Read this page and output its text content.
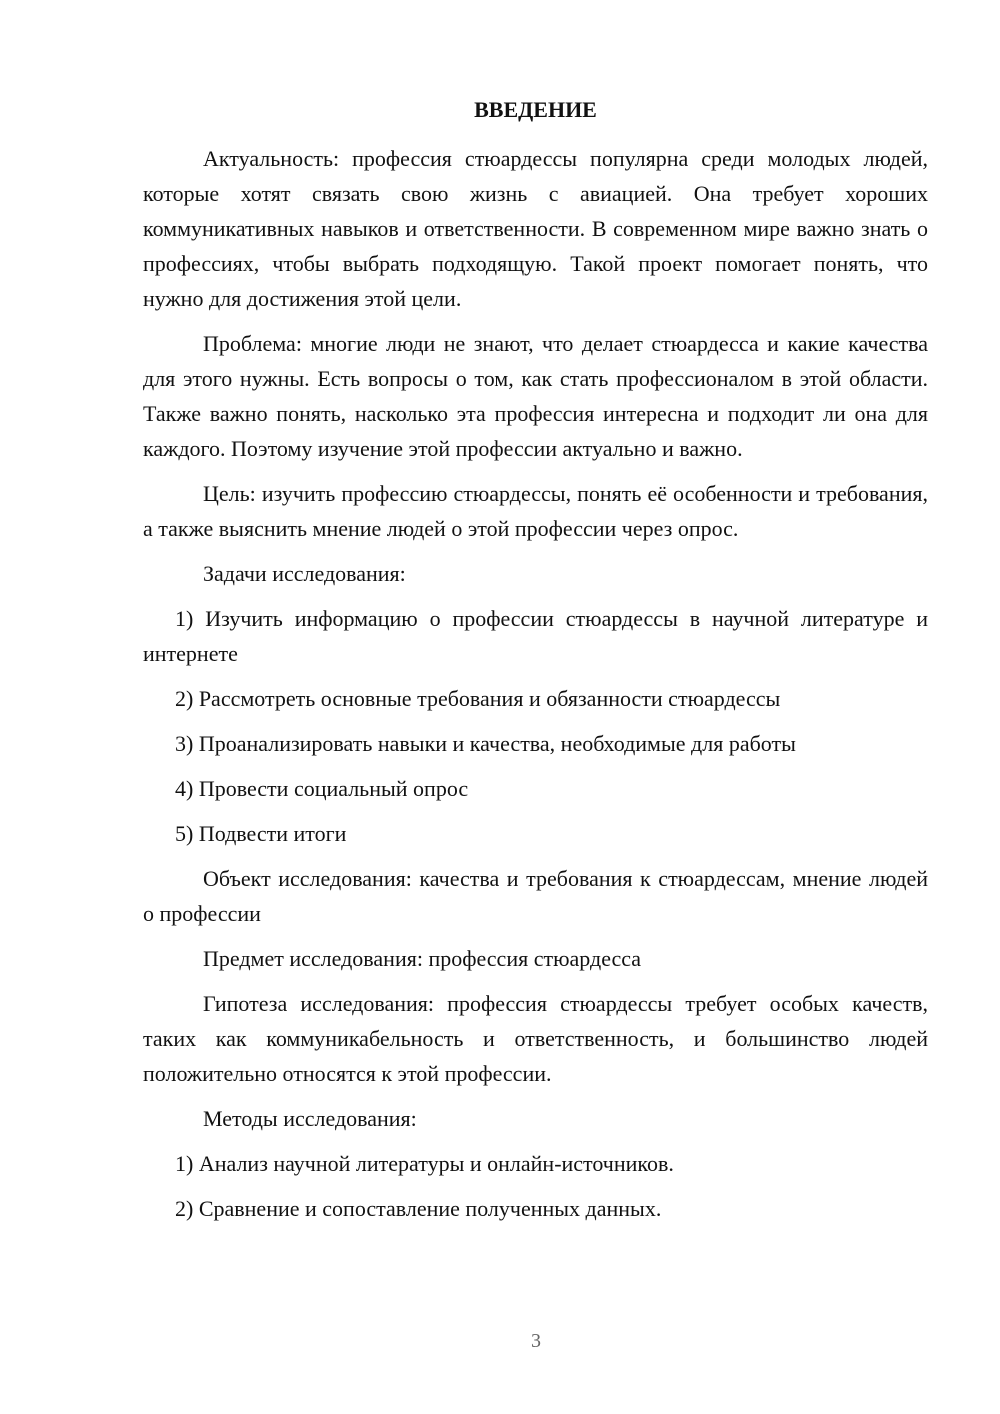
ВВЕДЕНИЕ

Актуальность: профессия стюардессы популярна среди молодых людей, которые хотят связать свою жизнь с авиацией. Она требует хороших коммуникативных навыков и ответственности. В современном мире важно знать о профессиях, чтобы выбрать подходящую. Такой проект помогает понять, что нужно для достижения этой цели.

Проблема: многие люди не знают, что делает стюардесса и какие качества для этого нужны. Есть вопросы о том, как стать профессионалом в этой области. Также важно понять, насколько эта профессия интересна и подходит ли она для каждого. Поэтому изучение этой профессии актуально и важно.

Цель: изучить профессию стюардессы, понять её особенности и требования, а также выяснить мнение людей о этой профессии через опрос.

Задачи исследования:

1) Изучить информацию о профессии стюардессы в научной литературе и интернете

2) Рассмотреть основные требования и обязанности стюардессы

3) Проанализировать навыки и качества, необходимые для работы

4) Провести социальный опрос

5) Подвести итоги

Объект исследования: качества и требования к стюардессам, мнение людей о профессии

Предмет исследования: профессия стюардесса

Гипотеза исследования: профессия стюардессы требует особых качеств, таких как коммуникабельность и ответственность, и большинство людей положительно относятся к этой профессии.

Методы исследования:

1) Анализ научной литературы и онлайн-источников.

2) Сравнение и сопоставление полученных данных.

3
